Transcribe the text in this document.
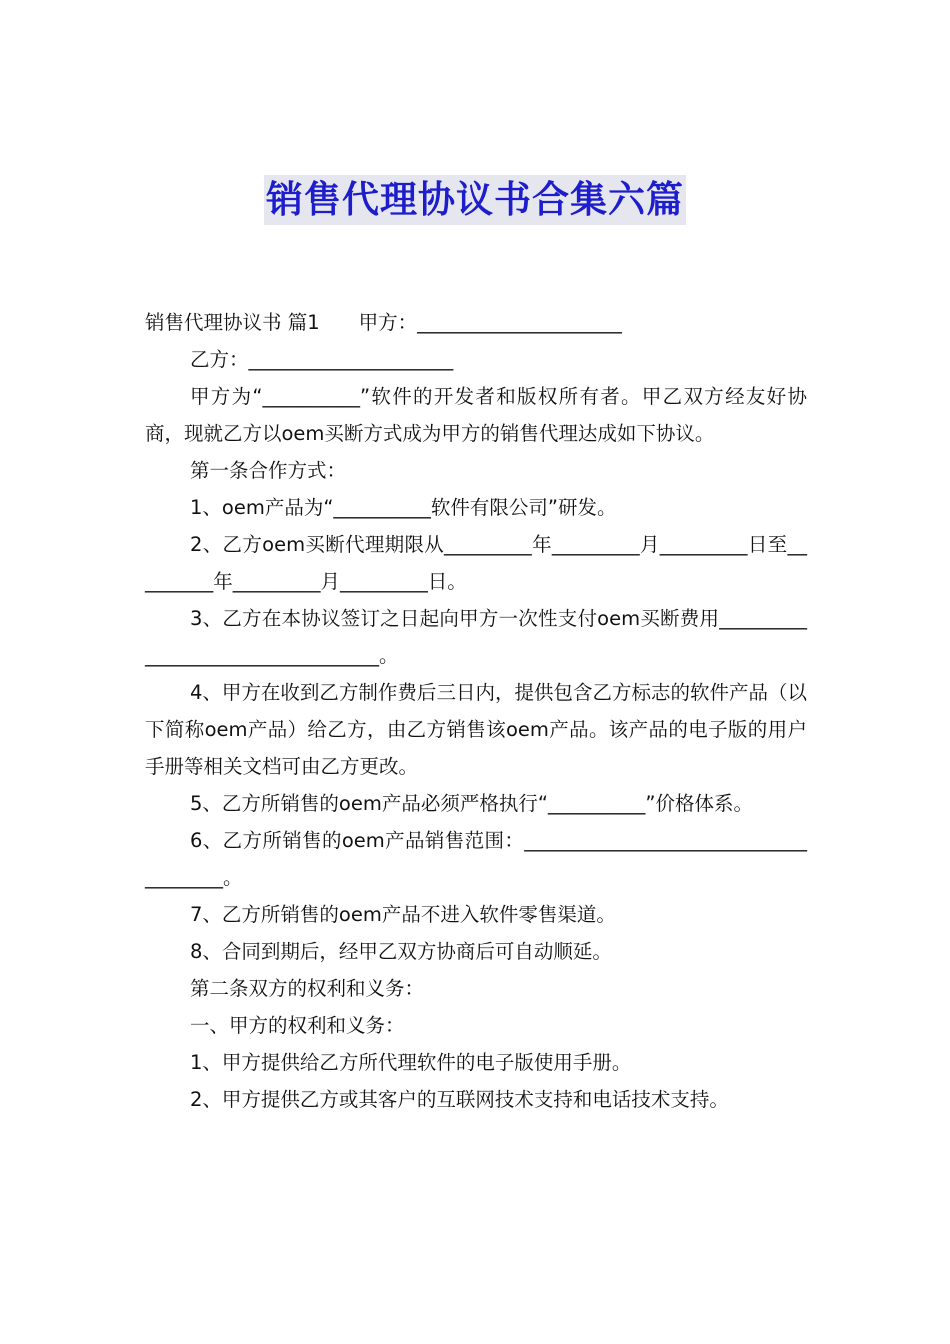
销售代理协议书合集六篇

销售代理协议书 篇1　　甲方：_____________________

乙方：_____________________

甲方为“__________”软件的开发者和版权所有者。甲乙双方经友好协商，现就乙方以oem买断方式成为甲方的销售代理达成如下协议。

第一条合作方式：

1、oem产品为“__________软件有限公司”研发。

2、乙方oem买断代理期限从_________年_________月_________日至_________年_________月_________日。

3、乙方在本协议签订之日起向甲方一次性支付oem买断费用_________________________________。

4、甲方在收到乙方制作费后三日内，提供包含乙方标志的软件产品（以下简称oem产品）给乙方，由乙方销售该oem产品。该产品的电子版的用户手册等相关文档可由乙方更改。

5、乙方所销售的oem产品必须严格执行“__________”价格体系。

6、乙方所销售的oem产品销售范围：_____________________________________。

7、乙方所销售的oem产品不进入软件零售渠道。

8、合同到期后，经甲乙双方协商后可自动顺延。

第二条双方的权利和义务：

一、甲方的权利和义务：

1、甲方提供给乙方所代理软件的电子版使用手册。

2、甲方提供乙方或其客户的互联网技术支持和电话技术支持。
